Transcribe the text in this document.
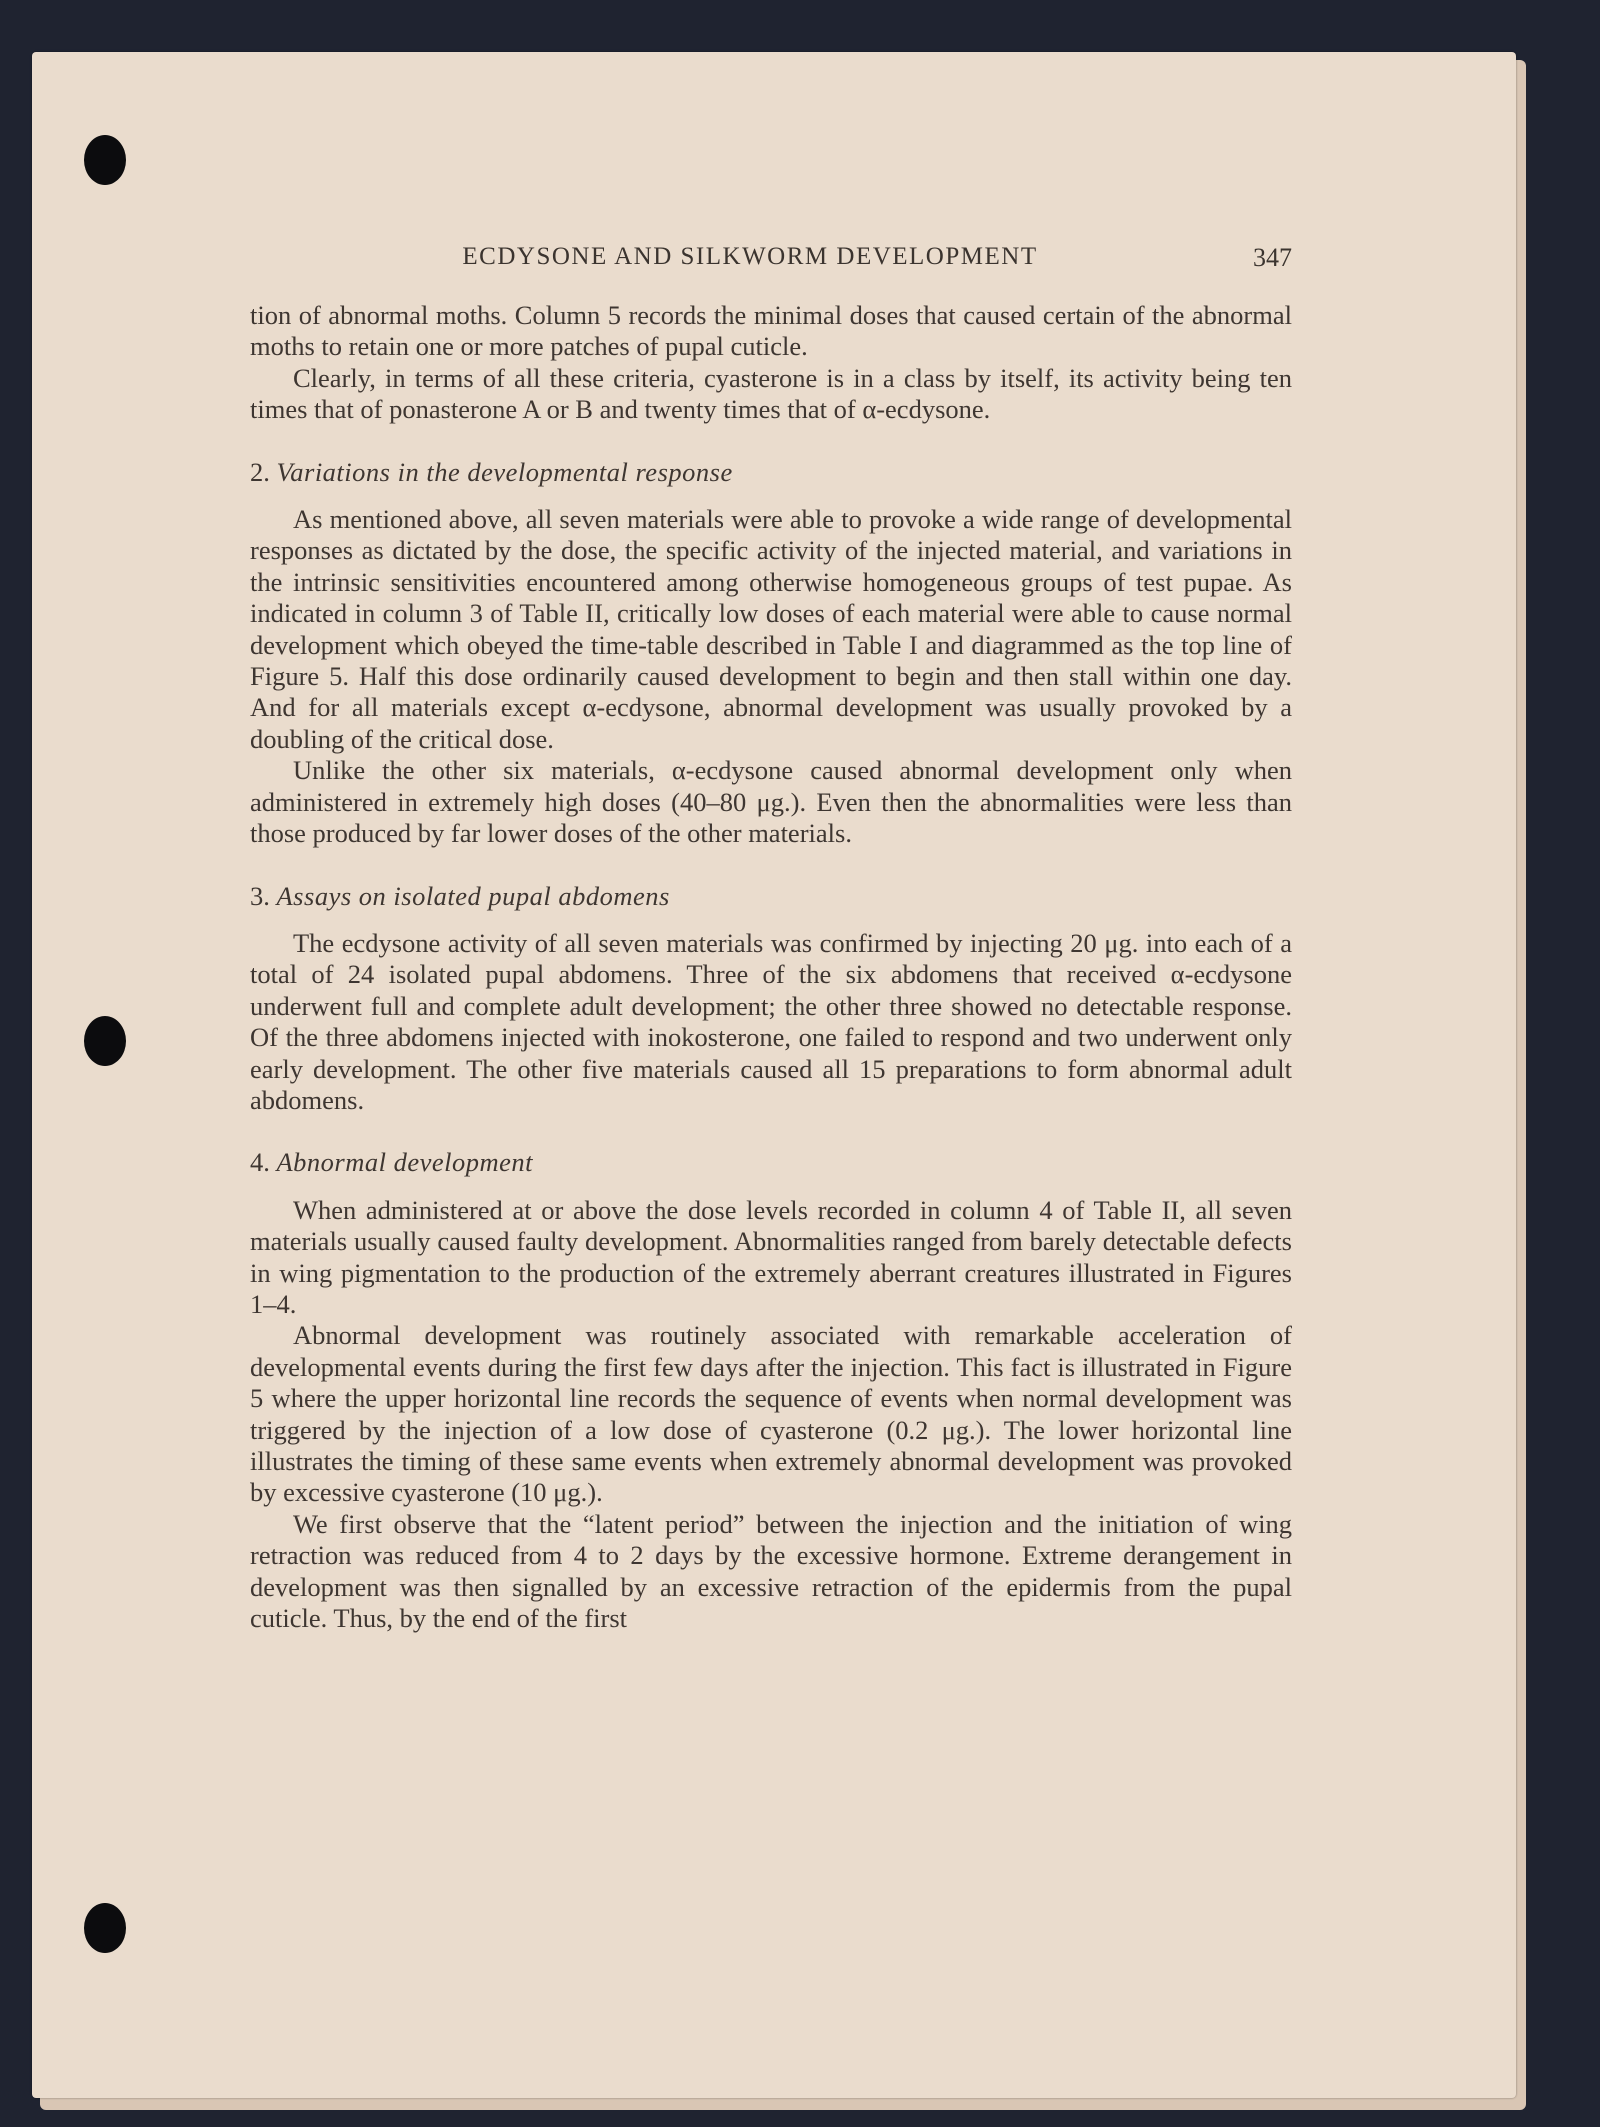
ECDYSONE AND SILKWORM DEVELOPMENT	347

tion of abnormal moths. Column 5 records the minimal doses that caused certain of the abnormal moths to retain one or more patches of pupal cuticle.

Clearly, in terms of all these criteria, cyasterone is in a class by itself, its activity being ten times that of ponasterone A or B and twenty times that of α-ecdysone.

2. Variations in the developmental response

As mentioned above, all seven materials were able to provoke a wide range of developmental responses as dictated by the dose, the specific activity of the injected material, and variations in the intrinsic sensitivities encountered among otherwise homogeneous groups of test pupae. As indicated in column 3 of Table II, critically low doses of each material were able to cause normal development which obeyed the time-table described in Table I and diagrammed as the top line of Figure 5. Half this dose ordinarily caused development to begin and then stall within one day. And for all materials except α-ecdysone, abnormal development was usually provoked by a doubling of the critical dose.

Unlike the other six materials, α-ecdysone caused abnormal development only when administered in extremely high doses (40–80 μg.). Even then the abnormalities were less than those produced by far lower doses of the other materials.

3. Assays on isolated pupal abdomens

The ecdysone activity of all seven materials was confirmed by injecting 20 μg. into each of a total of 24 isolated pupal abdomens. Three of the six abdomens that received α-ecdysone underwent full and complete adult development; the other three showed no detectable response. Of the three abdomens injected with inokosterone, one failed to respond and two underwent only early development. The other five materials caused all 15 preparations to form abnormal adult abdomens.

4. Abnormal development

When administered at or above the dose levels recorded in column 4 of Table II, all seven materials usually caused faulty development. Abnormalities ranged from barely detectable defects in wing pigmentation to the production of the extremely aberrant creatures illustrated in Figures 1–4.

Abnormal development was routinely associated with remarkable acceleration of developmental events during the first few days after the injection. This fact is illustrated in Figure 5 where the upper horizontal line records the sequence of events when normal development was triggered by the injection of a low dose of cyasterone (0.2 μg.). The lower horizontal line illustrates the timing of these same events when extremely abnormal development was provoked by excessive cyasterone (10 μg.).

We first observe that the “latent period” between the injection and the initiation of wing retraction was reduced from 4 to 2 days by the excessive hormone. Extreme derangement in development was then signalled by an excessive retraction of the epidermis from the pupal cuticle. Thus, by the end of the first
